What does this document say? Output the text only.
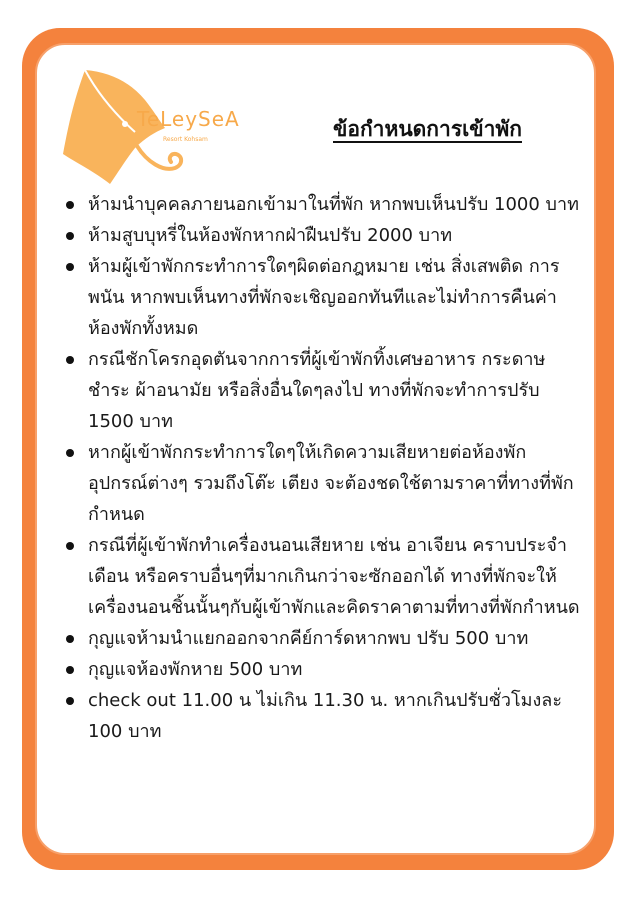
TeLeySeA
Resort Kohsam	ข้อกำหนดการเข้าพัก
ห้ามนำบุคคลภายนอกเข้ามาในที่พัก หากพบเห็นปรับ 1000 บาท
ห้ามสูบบุหรี่ในห้องพักหากฝ่าฝืนปรับ 2000 บาท
ห้ามผู้เข้าพักกระทำการใดๆผิดต่อกฎหมาย เช่น สิ่งเสพติด การพนัน หากพบเห็นทางที่พักจะเชิญออกทันทีและไม่ทำการคืนค่าห้องพักทั้งหมด
กรณีชักโครกอุดตันจากการที่ผู้เข้าพักทิ้งเศษอาหาร กระดาษชำระ ผ้าอนามัย หรือสิ่งอื่นใดๆลงไป ทางที่พักจะทำการปรับ 1500 บาท
หากผู้เข้าพักกระทำการใดๆให้เกิดความเสียหายต่อห้องพัก อุปกรณ์ต่างๆ รวมถึงโต๊ะ เตียง จะต้องชดใช้ตามราคาที่ทางที่พักกำหนด
กรณีที่ผู้เข้าพักทำเครื่องนอนเสียหาย เช่น อาเจียน คราบประจำเดือน หรือคราบอื่นๆที่มากเกินกว่าจะซักออกได้ ทางที่พักจะให้เครื่องนอนชิ้นนั้นๆกับผู้เข้าพักและคิดราคาตามที่ทางที่พักกำหนด
กุญแจห้ามนำแยกออกจากคีย์การ์ดหากพบ ปรับ 500 บาท
กุญแจห้องพักหาย 500 บาท
check out 11.00 น ไม่เกิน 11.30 น. หากเกินปรับชั่วโมงละ 100 บาท
